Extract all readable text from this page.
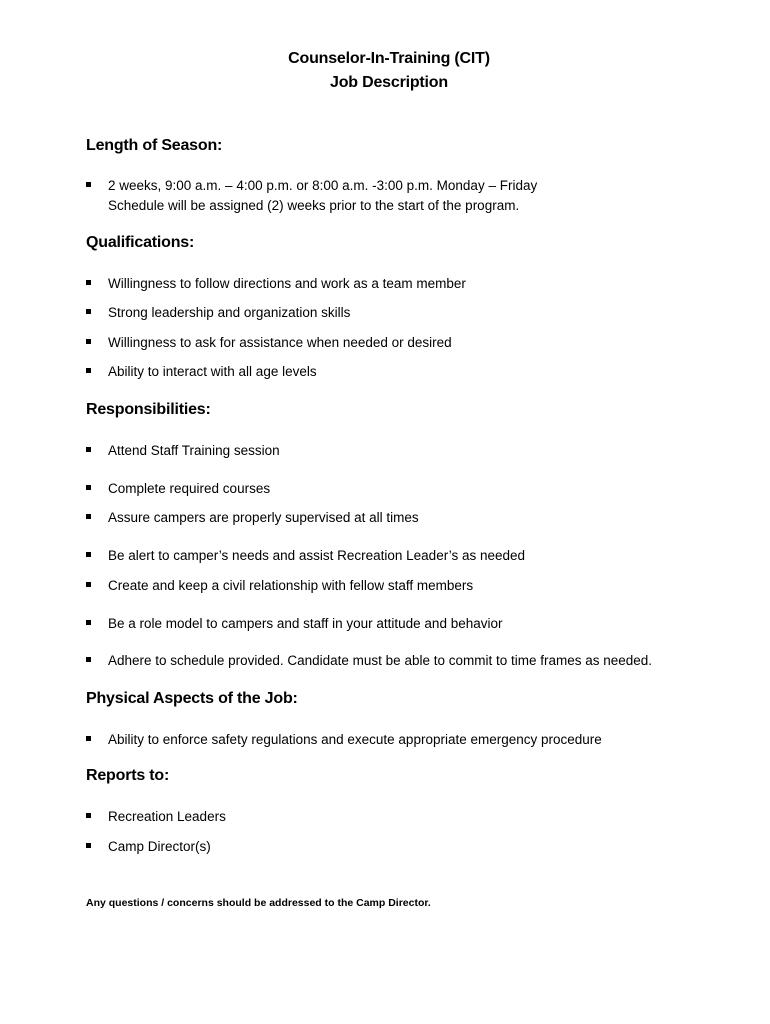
Counselor-In-Training (CIT)
Job Description
Length of Season:
2 weeks, 9:00 a.m. – 4:00 p.m. or 8:00 a.m. -3:00 p.m. Monday – Friday
Schedule will be assigned (2) weeks prior to the start of the program.
Qualifications:
Willingness to follow directions and work as a team member
Strong leadership and organization skills
Willingness to ask for assistance when needed or desired
Ability to interact with all age levels
Responsibilities:
Attend Staff Training session
Complete required courses
Assure campers are properly supervised at all times
Be alert to camper’s needs and assist Recreation Leader’s as needed
Create and keep a civil relationship with fellow staff members
Be a role model to campers and staff in your attitude and behavior
Adhere to schedule provided. Candidate must be able to commit to time frames as needed.
Physical Aspects of the Job:
Ability to enforce safety regulations and execute appropriate emergency procedure
Reports to:
Recreation Leaders
Camp Director(s)
Any questions / concerns should be addressed to the Camp Director.
